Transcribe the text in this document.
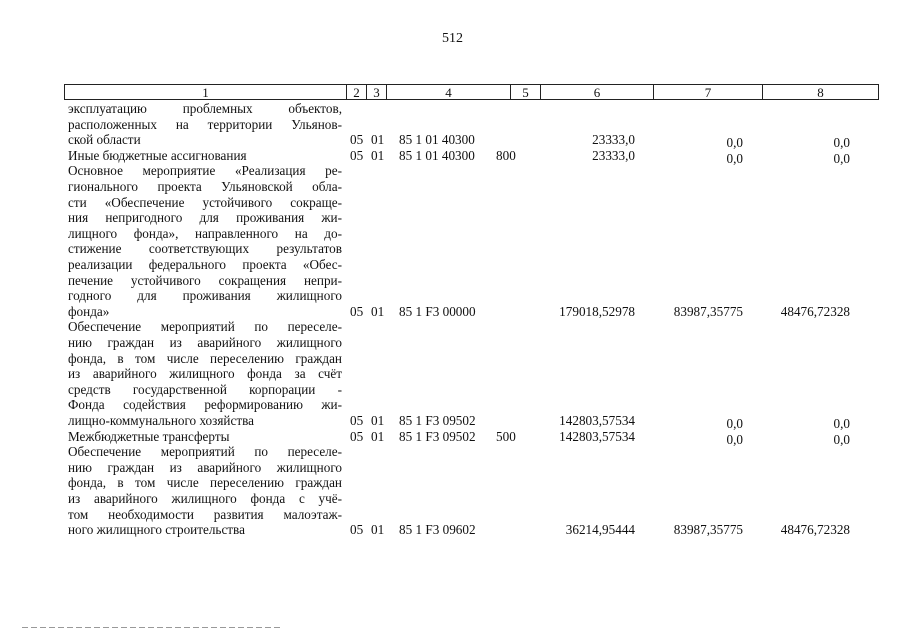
512
1	2	3	4	5	6	7	8
эксплуатацию проблемных объектов,
расположенных на территории Ульянов-
ской области	05 01 85 1 01 40300	23333,0	0,0	0,0
Иные бюджетные ассигнования	05 01 85 1 01 40300 800	23333,0	0,0	0,0
Основное мероприятие «Реализация ре-
гионального проекта Ульяновской обла-
сти «Обеспечение устойчивого сокраще-
ния непригодного для проживания жи-
лищного фонда», направленного на до-
стижение соответствующих результатов
реализации федерального проекта «Обес-
печение устойчивого сокращения непри-
годного для проживания жилищного
фонда»	05 01 85 1 F3 00000	179018,52978	83987,35775	48476,72328
Обеспечение мероприятий по переселе-
нию граждан из аварийного жилищного
фонда, в том числе переселению граждан
из аварийного жилищного фонда за счёт
средств государственной корпорации -
Фонда содействия реформированию жи-
лищно-коммунального хозяйства	05 01 85 1 F3 09502	142803,57534	0,0	0,0
Межбюджетные трансферты	05 01 85 1 F3 09502 500	142803,57534	0,0	0,0
Обеспечение мероприятий по переселе-
нию граждан из аварийного жилищного
фонда, в том числе переселению граждан
из аварийного жилищного фонда с учё-
том необходимости развития малоэтаж-
ного жилищного строительства	05 01 85 1 F3 09602	36214,95444	83987,35775	48476,72328
